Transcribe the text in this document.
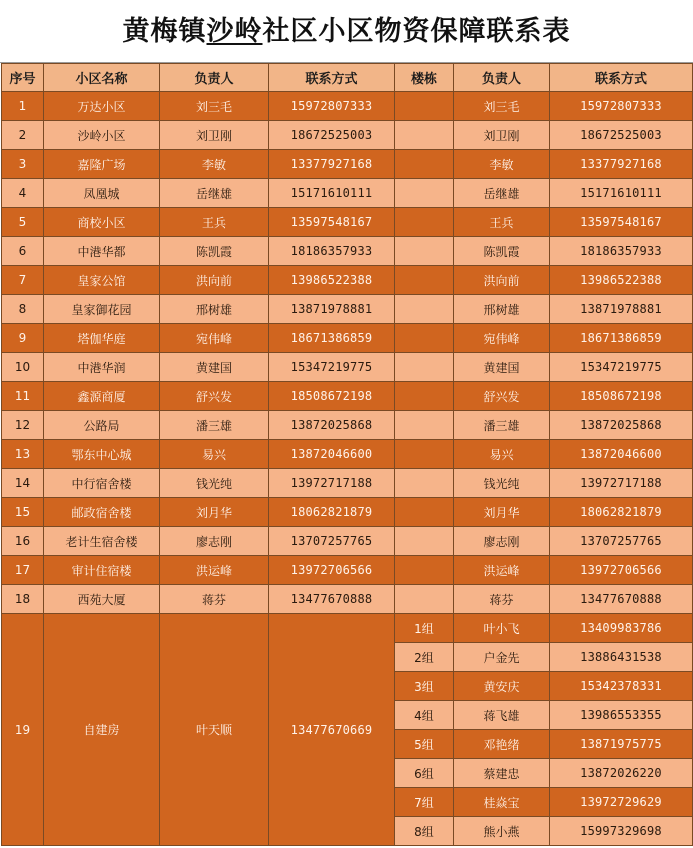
黄梅镇沙岭社区小区物资保障联系表
序号	小区名称	负责人	联系方式	楼栋	负责人	联系方式
1	万达小区	刘三毛	15972807333		刘三毛	15972807333
2	沙岭小区	刘卫刚	18672525003		刘卫刚	18672525003
3	嘉隆广场	李敏	13377927168		李敏	13377927168
4	凤凰城	岳继雄	15171610111		岳继雄	15171610111
5	商校小区	王兵	13597548167		王兵	13597548167
6	中港华都	陈凯霞	18186357933		陈凯霞	18186357933
7	皇家公馆	洪向前	13986522388		洪向前	13986522388
8	皇家御花园	邢树雄	13871978881		邢树雄	13871978881
9	塔伽华庭	宛伟峰	18671386859		宛伟峰	18671386859
10	中港华润	黄建国	15347219775		黄建国	15347219775
11	鑫源商厦	舒兴发	18508672198		舒兴发	18508672198
12	公路局	潘三雄	13872025868		潘三雄	13872025868
13	鄂东中心城	易兴	13872046600		易兴	13872046600
14	中行宿舍楼	钱光纯	13972717188		钱光纯	13972717188
15	邮政宿舍楼	刘月华	18062821879		刘月华	18062821879
16	老计生宿舍楼	廖志刚	13707257765		廖志刚	13707257765
17	审计住宿楼	洪运峰	13972706566		洪运峰	13972706566
18	西苑大厦	蒋芬	13477670888		蒋芬	13477670888
19	自建房	叶天顺	13477670669	1组	叶小飞	13409983786
				2组	户金先	13886431538
				3组	黄安庆	15342378331
				4组	蒋飞雄	13986553355
				5组	邓艳绪	13871975775
				6组	蔡建忠	13872026220
				7组	桂焱宝	13972729629
				8组	熊小燕	15997329698
